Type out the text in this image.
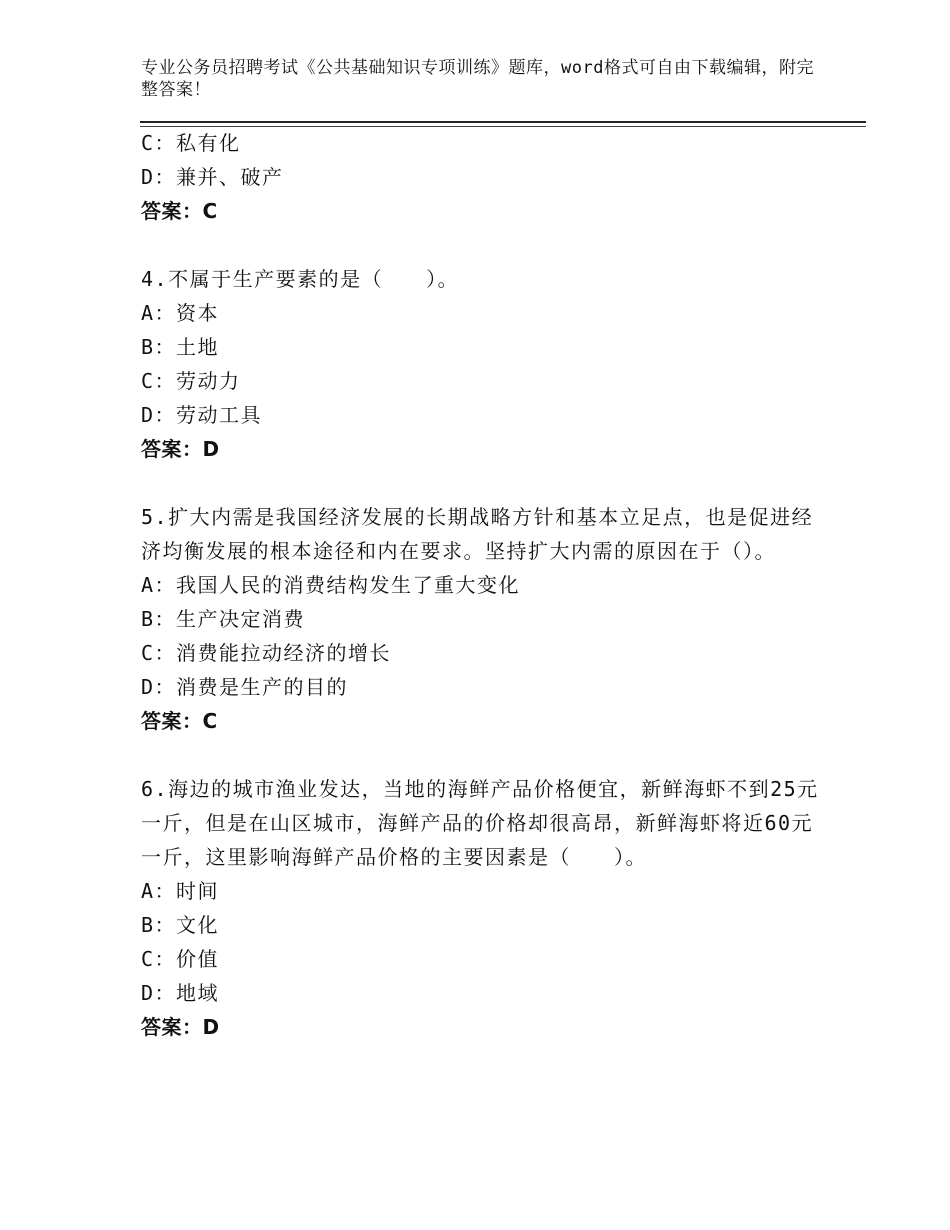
专业公务员招聘考试《公共基础知识专项训练》题库，word格式可自由下载编辑，附完整答案！

C：私有化

D：兼并、破产

答案：C

4.不属于生产要素的是（　　）。

A：资本

B：土地

C：劳动力

D：劳动工具

答案：D

5.扩大内需是我国经济发展的长期战略方针和基本立足点，也是促进经济均衡发展的根本途径和内在要求。坚持扩大内需的原因在于（）。

A：我国人民的消费结构发生了重大变化

B：生产决定消费

C：消费能拉动经济的增长

D：消费是生产的目的

答案：C

6.海边的城市渔业发达，当地的海鲜产品价格便宜，新鲜海虾不到25元一斤，但是在山区城市，海鲜产品的价格却很高昂，新鲜海虾将近60元一斤，这里影响海鲜产品价格的主要因素是（　　）。

A：时间

B：文化

C：价值

D：地域

答案：D
